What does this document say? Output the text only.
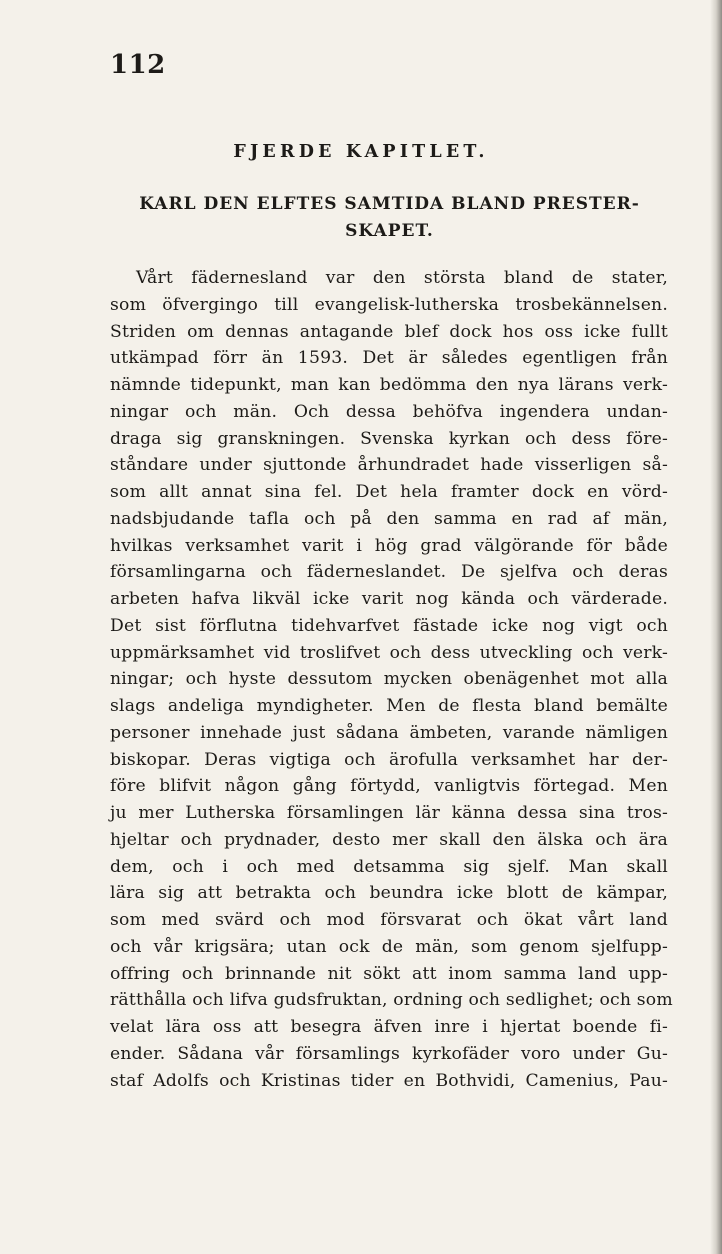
112
FJERDE KAPITLET.
KARL DEN ELFTES SAMTIDA BLAND PRESTER-
SKAPET.
Vårt fäderneslаnd var den största bland de stater,
som öfvergingo till evangelisk-lutherska trosbekännelsen.
Striden om dennas antagande blef dock hos oss icke fullt
utkämpad förr än 1593. Det är således egentligen från
nämnde tidepunkt, man kan bedömma den nya lärans verk-
ningar och män. Och dessa behöfva ingendera undan-
draga sig granskningen. Svenska kyrkan och dess före-
ståndare under sjuttonde århundradet hade visserligen så-
som allt annat sina fel. Det hela framter dock en vörd-
nadsbjudande tafla och på den samma en rad af män,
hvilkas verksamhet varit i hög grad välgörande för både
församlingarna och fäderneslandet. De sjelfva och deras
arbeten hafva likväl icke varit nog kända och värderade.
Det sist förflutna tidehvarfvet fästade icke nog vigt och
uppmärksamhet vid troslifvet och dess utveckling och verk-
ningar; och hyste dessutom mycken obenägenhet mot alla
slags andeliga myndigheter. Men de flesta bland bemälte
personer innehade just sådana ämbeten, varande nämligen
biskopar. Deras vigtiga och ärofulla verksamhet har der-
före blifvit någon gång förtydd, vanligtvis förtegad. Men
ju mer Lutherska församlingen lär känna dessa sina tros-
hjeltar och prydnader, desto mer skall den älska och ära
dem, och i och med detsamma sig sjelf. Man skall
lära sig att betrakta och beundra icke blott de kämpar,
som med svärd och mod försvarat och ökat vårt land
och vår krigsära; utan ock de män, som genom sjelfupp-
offring och brinnande nit sökt att inom samma land upp-
rätthålla och lifva gudsfruktan, ordning och sedlighet; och som
velat lära oss att besegra äfven inre i hjertat boende fi-
ender. Sådana vår församlings kyrkofäder voro under Gu-
staf Adolfs och Kristinas tider en Bothvidi, Camenius, Pau-
